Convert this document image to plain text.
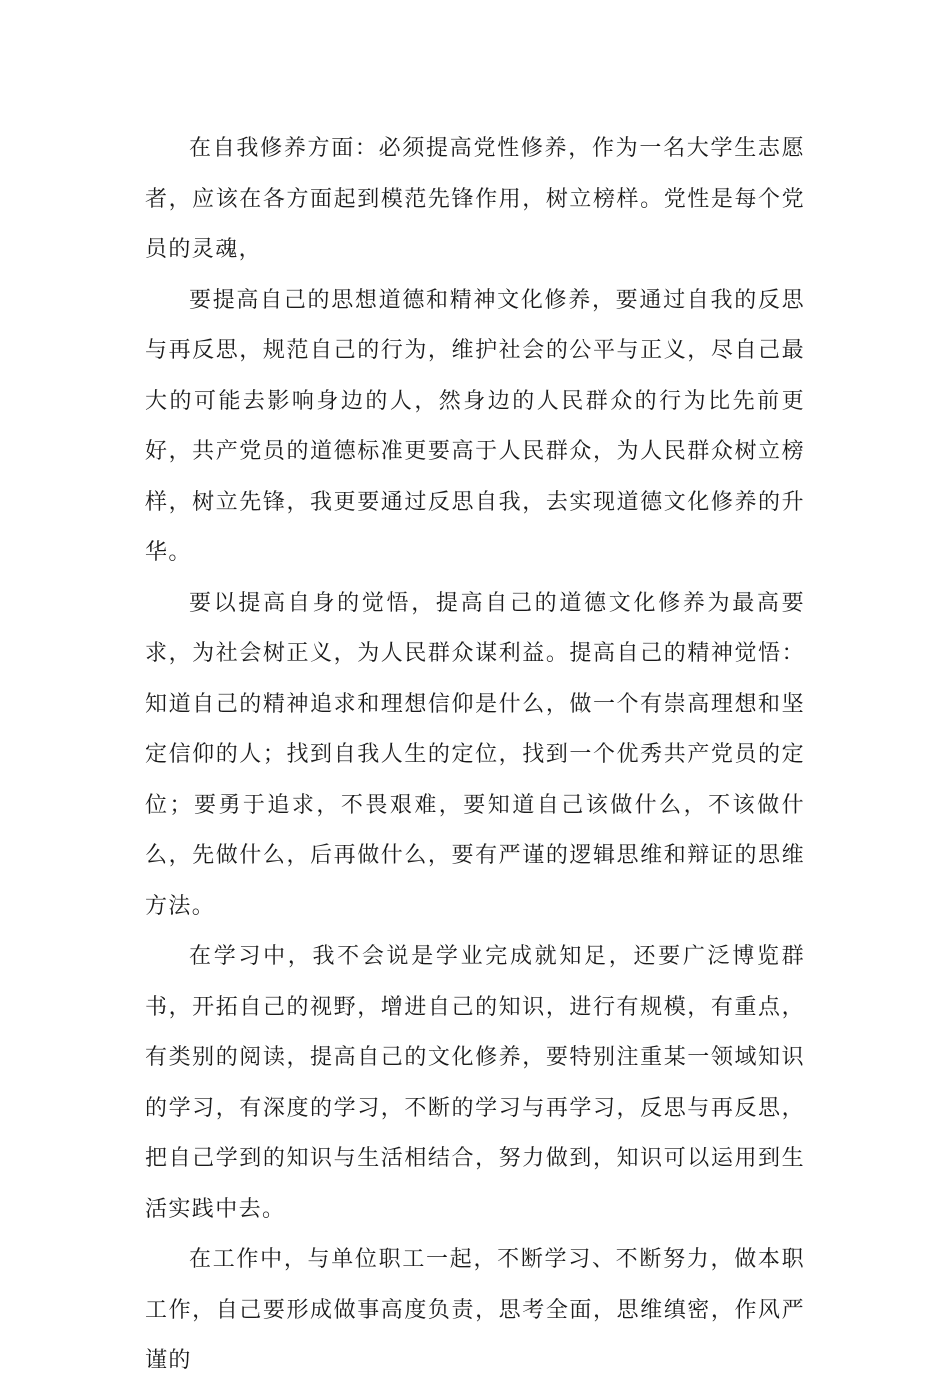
在自我修养方面：必须提高党性修养，作为一名大学生志愿者，应该在各方面起到模范先锋作用，树立榜样。党性是每个党员的灵魂，

要提高自己的思想道德和精神文化修养，要通过自我的反思与再反思，规范自己的行为，维护社会的公平与正义，尽自己最大的可能去影响身边的人，然身边的人民群众的行为比先前更好，共产党员的道德标准更要高于人民群众，为人民群众树立榜样，树立先锋，我更要通过反思自我，去实现道德文化修养的升华。

要以提高自身的觉悟，提高自己的道德文化修养为最高要求，为社会树正义，为人民群众谋利益。提高自己的精神觉悟：知道自己的精神追求和理想信仰是什么，做一个有崇高理想和坚定信仰的人；找到自我人生的定位，找到一个优秀共产党员的定位；要勇于追求，不畏艰难，要知道自己该做什么，不该做什么，先做什么，后再做什么，要有严谨的逻辑思维和辩证的思维方法。

在学习中，我不会说是学业完成就知足，还要广泛博览群书，开拓自己的视野，增进自己的知识，进行有规模，有重点，有类别的阅读，提高自己的文化修养，要特别注重某一领域知识的学习，有深度的学习，不断的学习与再学习，反思与再反思，把自己学到的知识与生活相结合，努力做到，知识可以运用到生活实践中去。

在工作中，与单位职工一起，不断学习、不断努力，做本职工作，自己要形成做事高度负责，思考全面，思维缜密，作风严谨的
